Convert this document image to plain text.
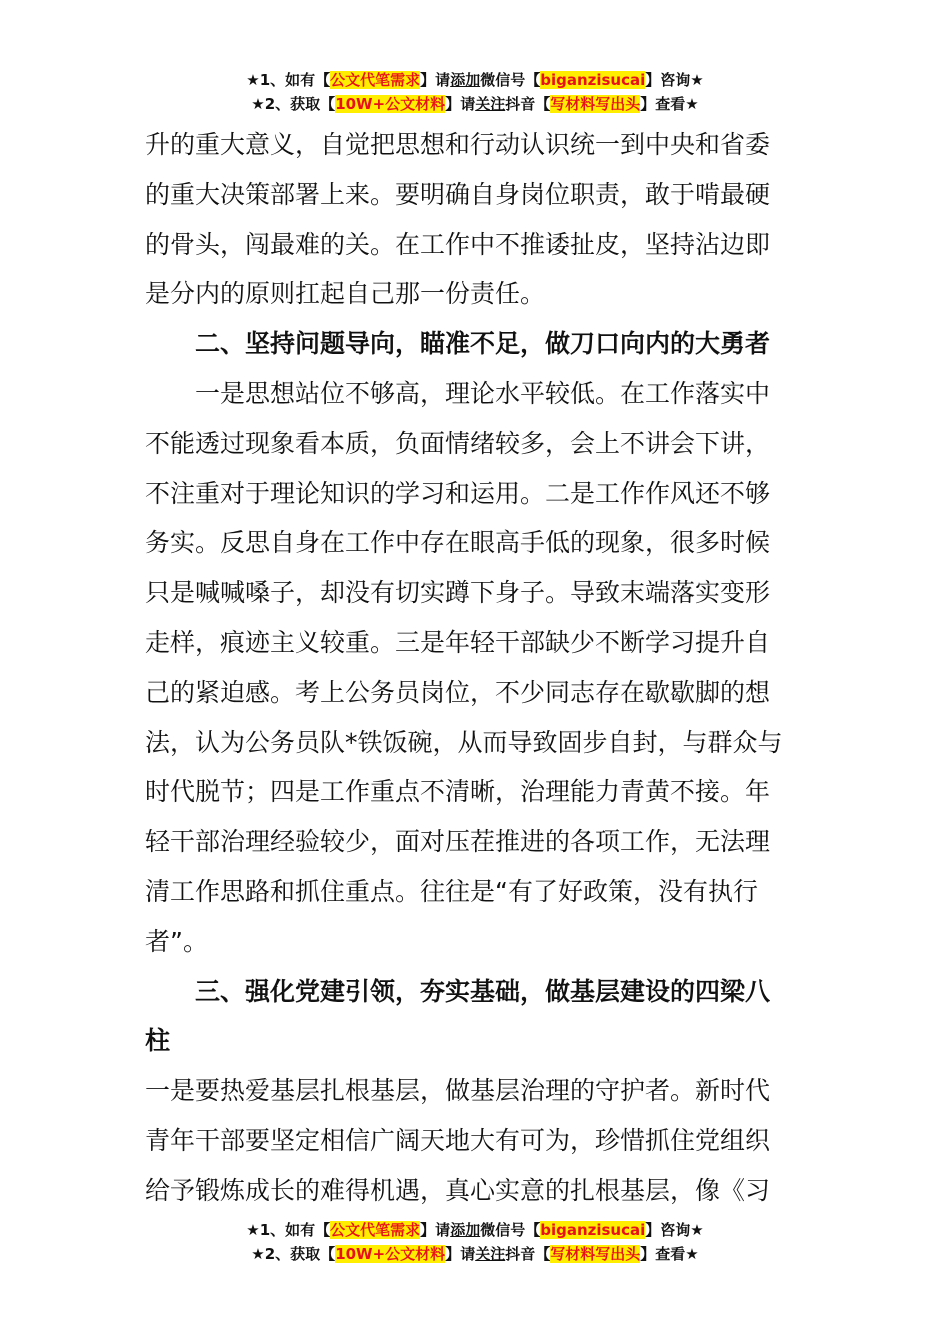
★1、如有【公文代笔需求】请添加微信号【biganzisucai】咨询★
★2、获取【10W+公文材料】请关注抖音【写材料写出头】查看★
升的重大意义，自觉把思想和行动认识统一到中央和省委
的重大决策部署上来。要明确自身岗位职责，敢于啃最硬
的骨头，闯最难的关。在工作中不推诿扯皮，坚持沾边即
是分内的原则扛起自己那一份责任。
二、坚持问题导向，瞄准不足，做刀口向内的大勇者
一是思想站位不够高，理论水平较低。在工作落实中
不能透过现象看本质，负面情绪较多，会上不讲会下讲，
不注重对于理论知识的学习和运用。二是工作作风还不够
务实。反思自身在工作中存在眼高手低的现象，很多时候
只是喊喊嗓子，却没有切实蹲下身子。导致末端落实变形
走样，痕迹主义较重。三是年轻干部缺少不断学习提升自
己的紧迫感。考上公务员岗位，不少同志存在歇歇脚的想
法，认为公务员队*铁饭碗，从而导致固步自封，与群众与
时代脱节；四是工作重点不清晰，治理能力青黄不接。年
轻干部治理经验较少，面对压茬推进的各项工作，无法理
清工作思路和抓住重点。往往是“有了好政策，没有执行
者”。
三、强化党建引领，夯实基础，做基层建设的四梁八
柱
一是要热爱基层扎根基层，做基层治理的守护者。新时代
青年干部要坚定相信广阔天地大有可为，珍惜抓住党组织
给予锻炼成长的难得机遇，真心实意的扎根基层，像《习
★1、如有【公文代笔需求】请添加微信号【biganzisucai】咨询★
★2、获取【10W+公文材料】请关注抖音【写材料写出头】查看★
